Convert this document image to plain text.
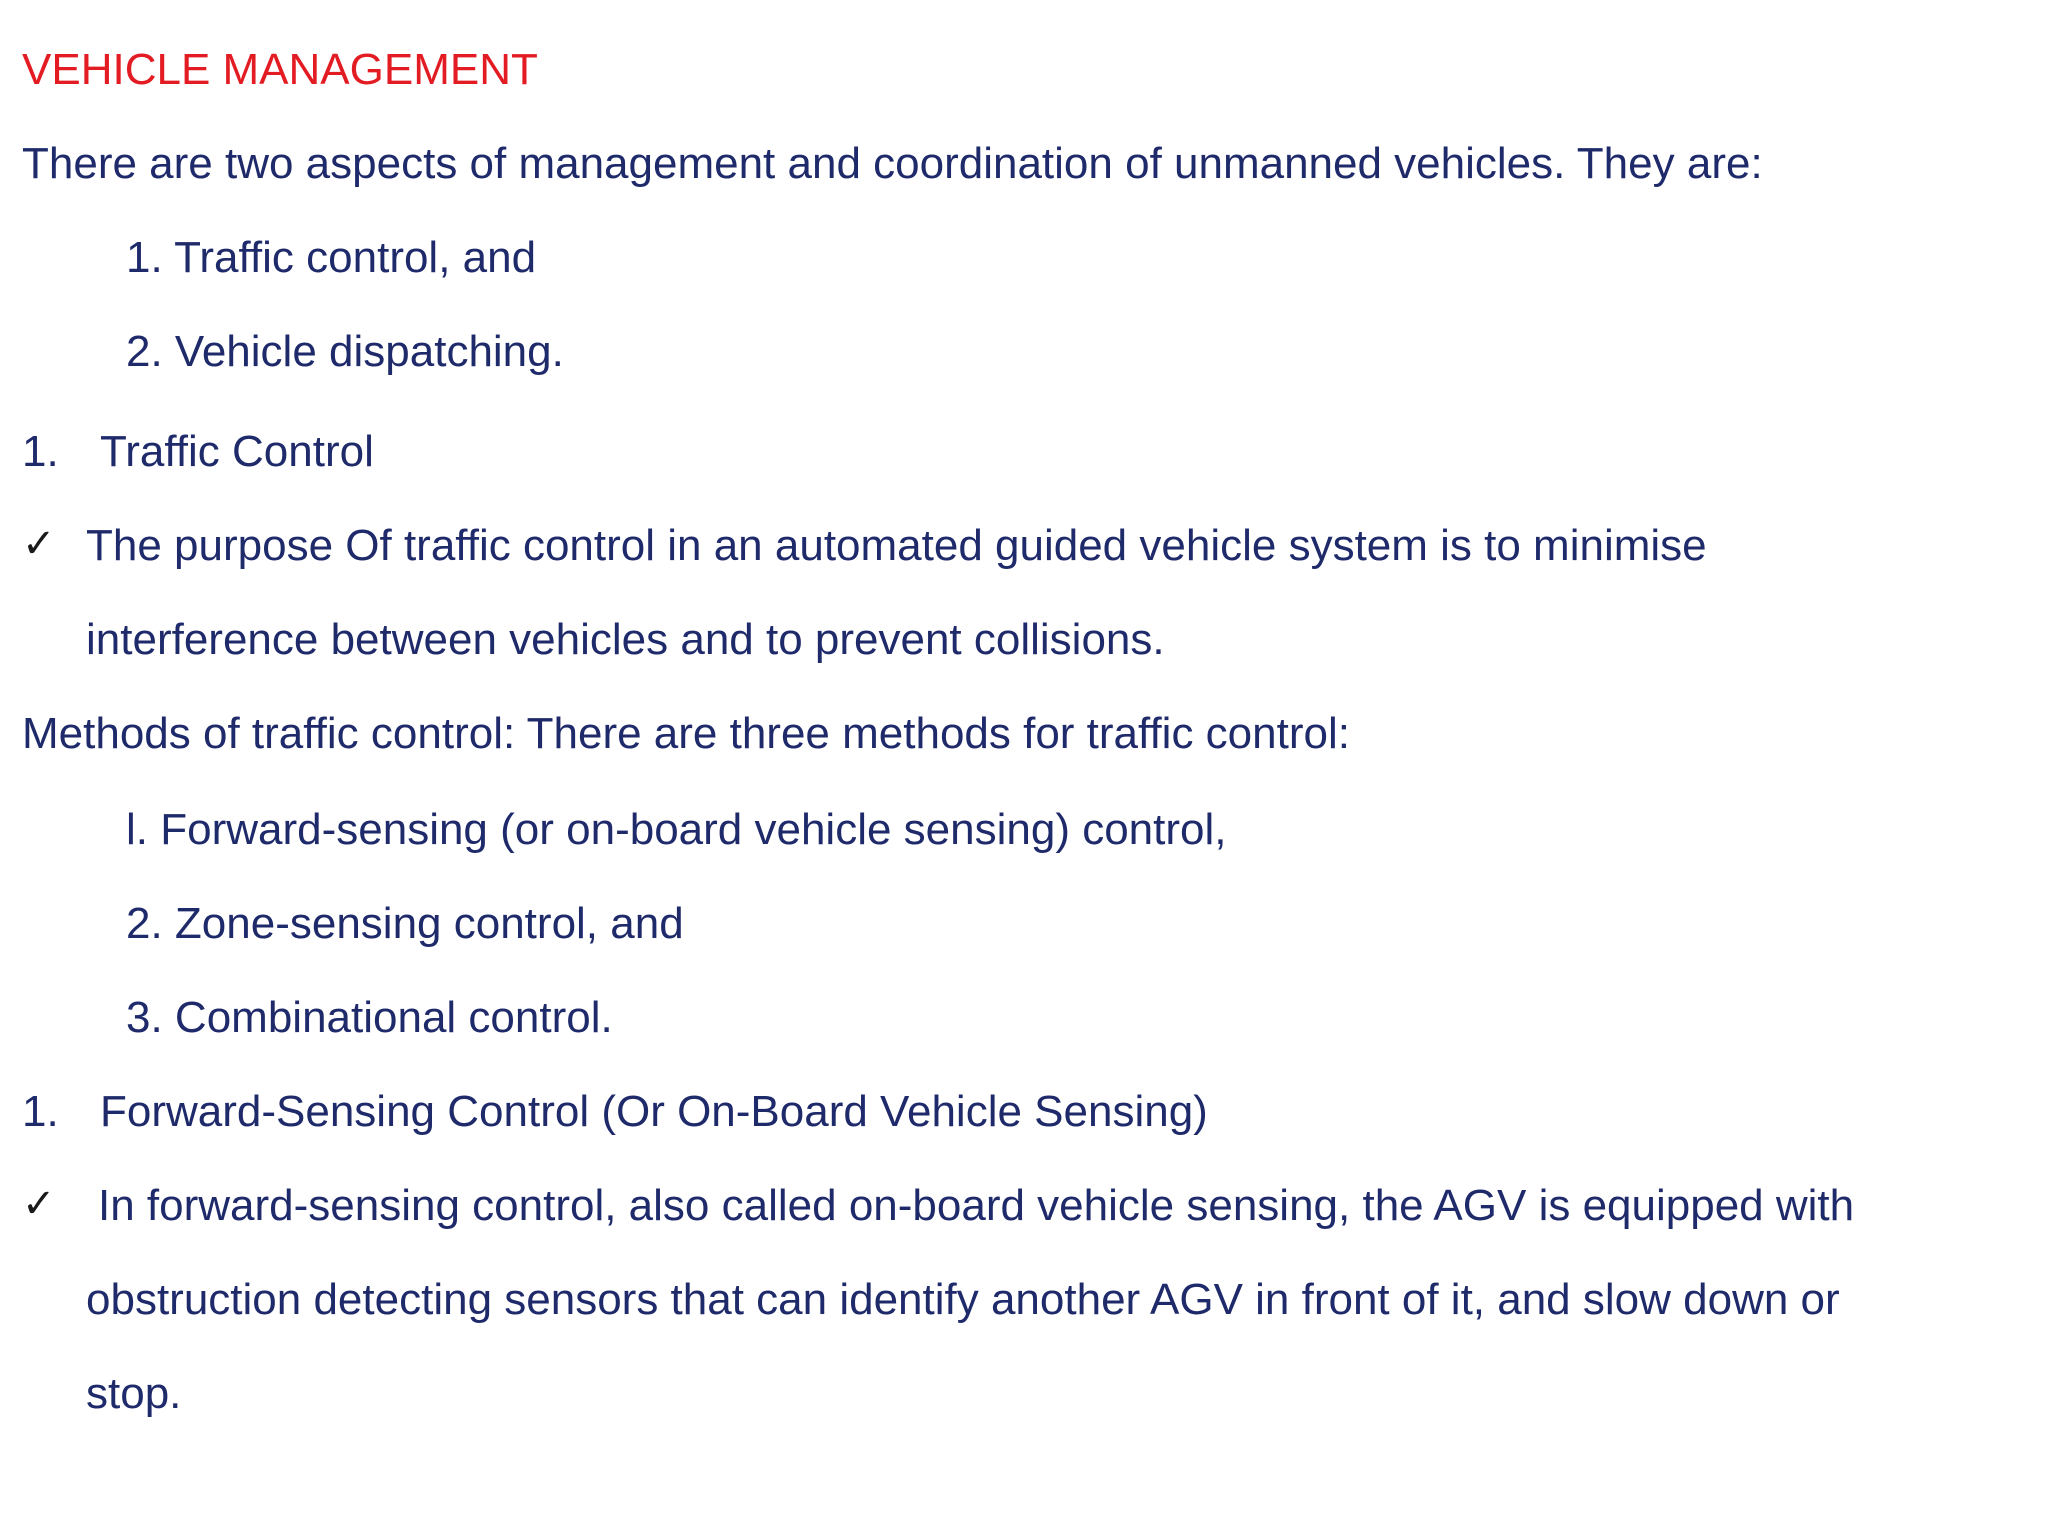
VEHICLE MANAGEMENT
There are two aspects of management and coordination of unmanned vehicles. They are:
1. Traffic control, and
2. Vehicle dispatching.
1. Traffic Control
✓ The purpose Of traffic control in an automated guided vehicle system is to minimise
interference between vehicles and to prevent collisions.
Methods of traffic control: There are three methods for traffic control:
l. Forward-sensing (or on-board vehicle sensing) control,
2. Zone-sensing control, and
3. Combinational control.
1. Forward-Sensing Control (Or On-Board Vehicle Sensing)
✓ In forward-sensing control, also called on-board vehicle sensing, the AGV is equipped with
obstruction detecting sensors that can identify another AGV in front of it, and slow down or
stop.
